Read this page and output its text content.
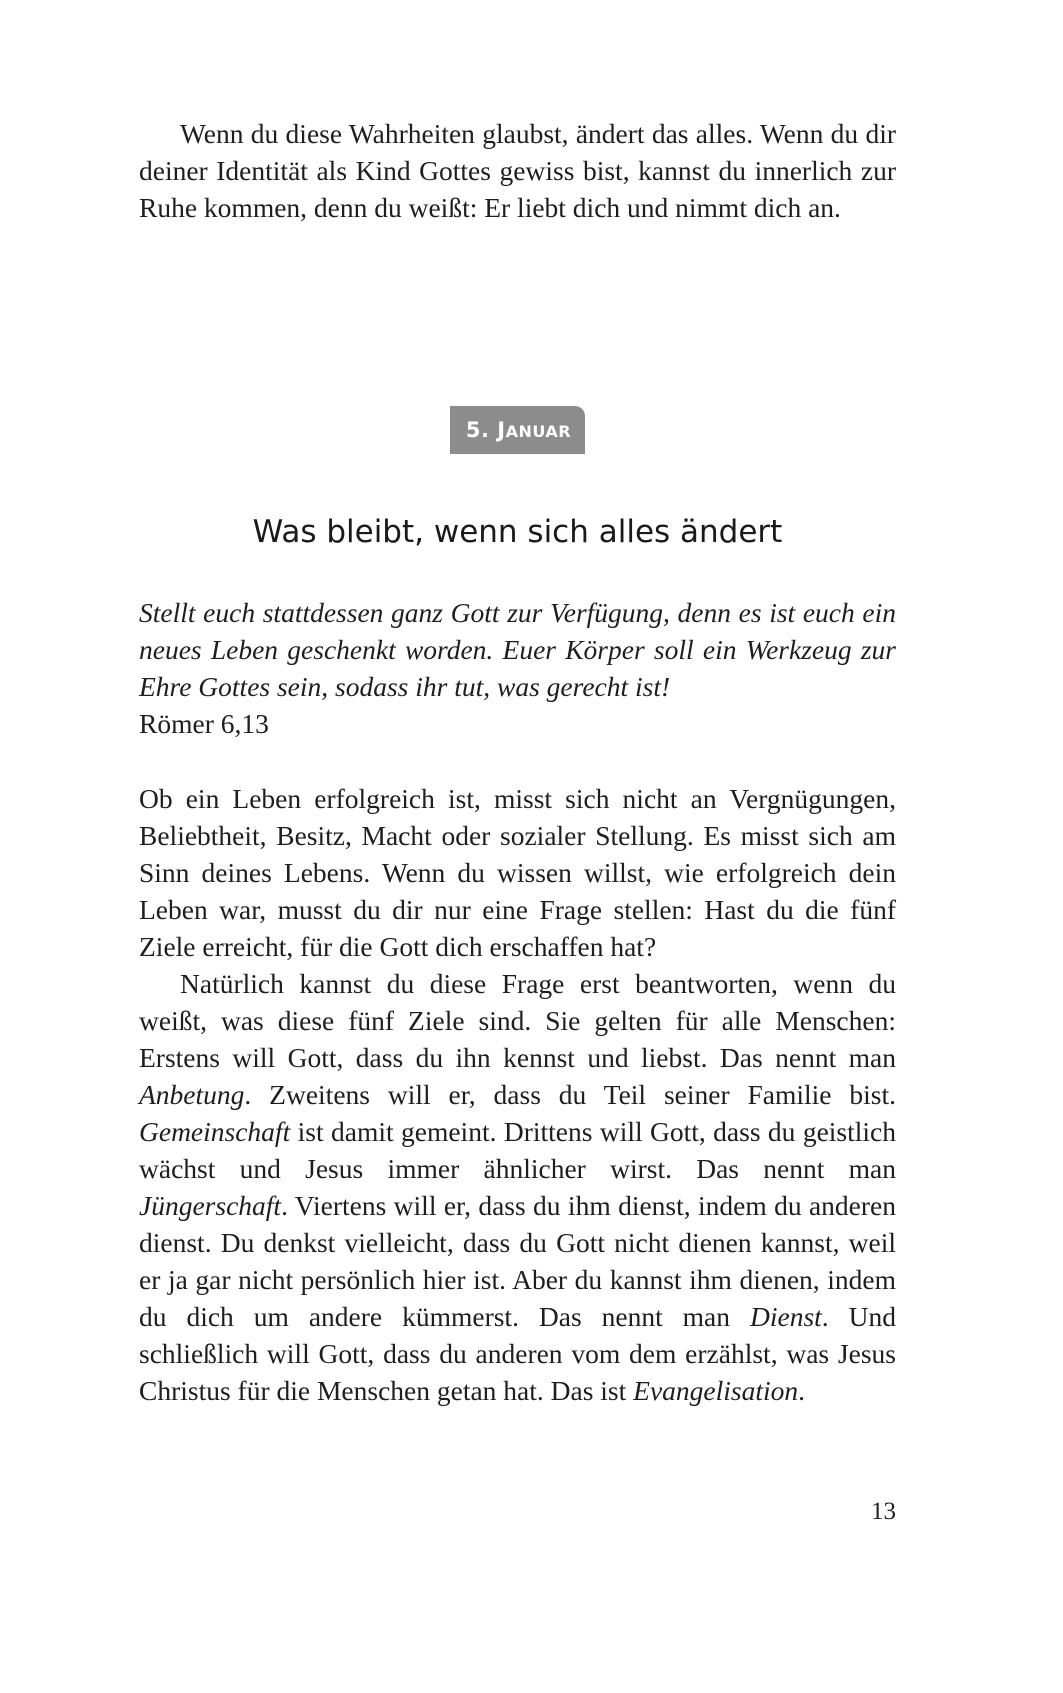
Wenn du diese Wahrheiten glaubst, ändert das alles. Wenn du dir deiner Identität als Kind Gottes gewiss bist, kannst du innerlich zur Ruhe kommen, denn du weißt: Er liebt dich und nimmt dich an.

5. JANUAR
Was bleibt, wenn sich alles ändert

Stellt euch stattdessen ganz Gott zur Verfügung, denn es ist euch ein neues Leben geschenkt worden. Euer Körper soll ein Werkzeug zur Ehre Gottes sein, sodass ihr tut, was gerecht ist!

Römer 6,13

Ob ein Leben erfolgreich ist, misst sich nicht an Vergnügungen, Beliebtheit, Besitz, Macht oder sozialer Stellung. Es misst sich am Sinn deines Lebens. Wenn du wissen willst, wie erfolgreich dein Leben war, musst du dir nur eine Frage stellen: Hast du die fünf Ziele erreicht, für die Gott dich erschaffen hat?

Natürlich kannst du diese Frage erst beantworten, wenn du weißt, was diese fünf Ziele sind. Sie gelten für alle Menschen: Erstens will Gott, dass du ihn kennst und liebst. Das nennt man Anbetung. Zweitens will er, dass du Teil seiner Familie bist. Gemeinschaft ist damit gemeint. Drittens will Gott, dass du geistlich wächst und Jesus immer ähnlicher wirst. Das nennt man Jüngerschaft. Viertens will er, dass du ihm dienst, indem du anderen dienst. Du denkst vielleicht, dass du Gott nicht dienen kannst, weil er ja gar nicht persönlich hier ist. Aber du kannst ihm dienen, indem du dich um andere kümmerst. Das nennt man Dienst. Und schließlich will Gott, dass du anderen vom dem erzählst, was Jesus Christus für die Menschen getan hat. Das ist Evangelisation.

13
